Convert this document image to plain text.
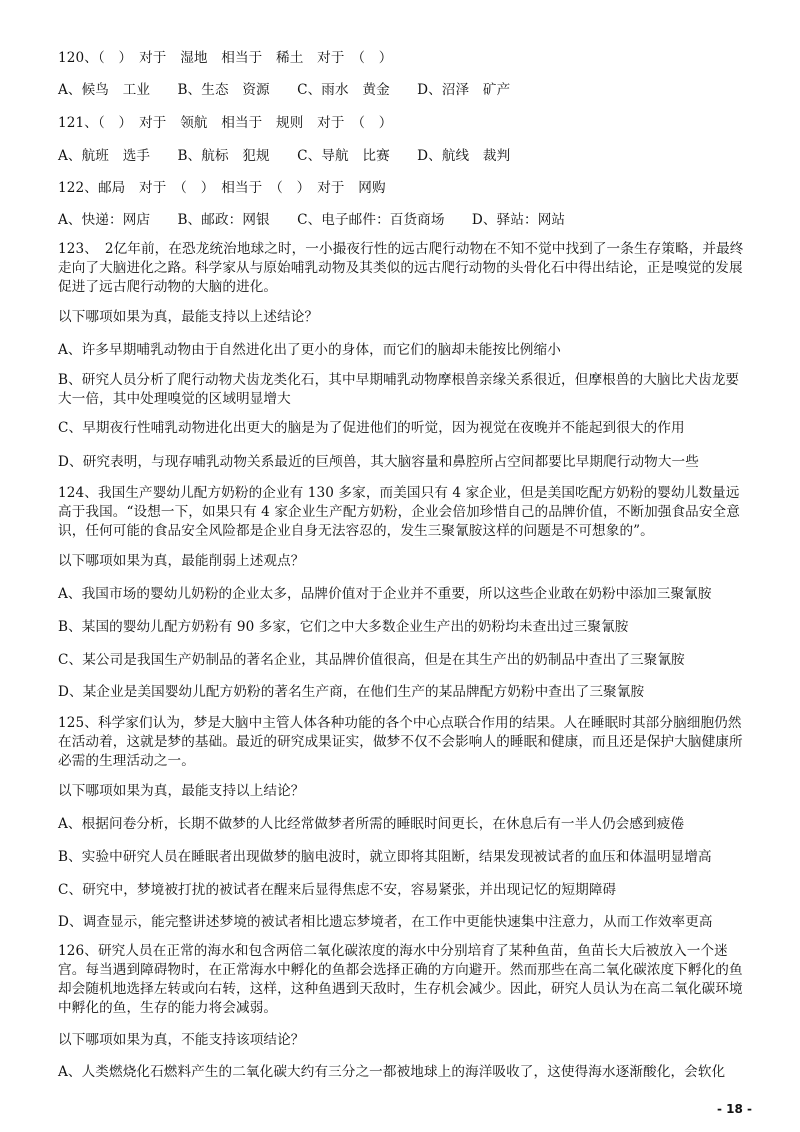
120、（　）　对于　湿地　相当于　稀土　对于　（　）
A、候鸟　工业　　B、生态　资源　　C、雨水　黄金　　D、沼泽　矿产
121、（　）　对于　领航　相当于　规则　对于　（　）
A、航班　选手　　B、航标　犯规　　C、导航　比赛　　D、航线　裁判
122、邮局　对于　（　）　相当于　（　）　对于　网购
A、快递：网店　　B、邮政：网银　　C、电子邮件：百货商场　　D、驿站：网站
123、　2亿年前，在恐龙统治地球之时，一小撮夜行性的远古爬行动物在不知不觉中找到了一条生存策略，并最终走向了大脑进化之路。科学家从与原始哺乳动物及其类似的远古爬行动物的头骨化石中得出结论，正是嗅觉的发展促进了远古爬行动物的大脑的进化。
以下哪项如果为真，最能支持以上述结论？
A、许多早期哺乳动物由于自然进化出了更小的身体，而它们的脑却未能按比例缩小
B、研究人员分析了爬行动物犬齿龙类化石，其中早期哺乳动物摩根兽亲缘关系很近，但摩根兽的大脑比犬齿龙要大一倍，其中处理嗅觉的区域明显增大
C、早期夜行性哺乳动物进化出更大的脑是为了促进他们的听觉，因为视觉在夜晚并不能起到很大的作用
D、研究表明，与现存哺乳动物关系最近的巨颅兽，其大脑容量和鼻腔所占空间都要比早期爬行动物大一些
124、我国生产婴幼儿配方奶粉的企业有 130 多家，而美国只有 4 家企业，但是美国吃配方奶粉的婴幼儿数量远高于我国。“设想一下，如果只有 4 家企业生产配方奶粉，企业会倍加珍惜自己的品牌价值，不断加强食品安全意识，任何可能的食品安全风险都是企业自身无法容忍的，发生三聚氰胺这样的问题是不可想象的”。
以下哪项如果为真，最能削弱上述观点？
A、我国市场的婴幼儿奶粉的企业太多，品牌价值对于企业并不重要，所以这些企业敢在奶粉中添加三聚氰胺
B、某国的婴幼儿配方奶粉有 90 多家，它们之中大多数企业生产出的奶粉均未查出过三聚氰胺
C、某公司是我国生产奶制品的著名企业，其品牌价值很高，但是在其生产出的奶制品中查出了三聚氰胺
D、某企业是美国婴幼儿配方奶粉的著名生产商，在他们生产的某品牌配方奶粉中查出了三聚氰胺
125、科学家们认为，梦是大脑中主管人体各种功能的各个中心点联合作用的结果。人在睡眠时其部分脑细胞仍然在活动着，这就是梦的基础。最近的研究成果证实，做梦不仅不会影响人的睡眠和健康，而且还是保护大脑健康所必需的生理活动之一。
以下哪项如果为真，最能支持以上结论？
A、根据问卷分析，长期不做梦的人比经常做梦者所需的睡眠时间更长，在休息后有一半人仍会感到疲倦
B、实验中研究人员在睡眠者出现做梦的脑电波时，就立即将其阻断，结果发现被试者的血压和体温明显增高
C、研究中，梦境被打扰的被试者在醒来后显得焦虑不安，容易紧张，并出现记忆的短期障碍
D、调查显示，能完整讲述梦境的被试者相比遗忘梦境者，在工作中更能快速集中注意力，从而工作效率更高
126、研究人员在正常的海水和包含两倍二氧化碳浓度的海水中分别培育了某种鱼苗，鱼苗长大后被放入一个迷宫。每当遇到障碍物时，在正常海水中孵化的鱼都会选择正确的方向避开。然而那些在高二氧化碳浓度下孵化的鱼却会随机地选择左转或向右转，这样，这种鱼遇到天敌时，生存机会减少。因此，研究人员认为在高二氧化碳环境中孵化的鱼，生存的能力将会减弱。
以下哪项如果为真，不能支持该项结论？
A、人类燃烧化石燃料产生的二氧化碳大约有三分之一都被地球上的海洋吸收了，这使得海水逐渐酸化，会软化
- 18 -
